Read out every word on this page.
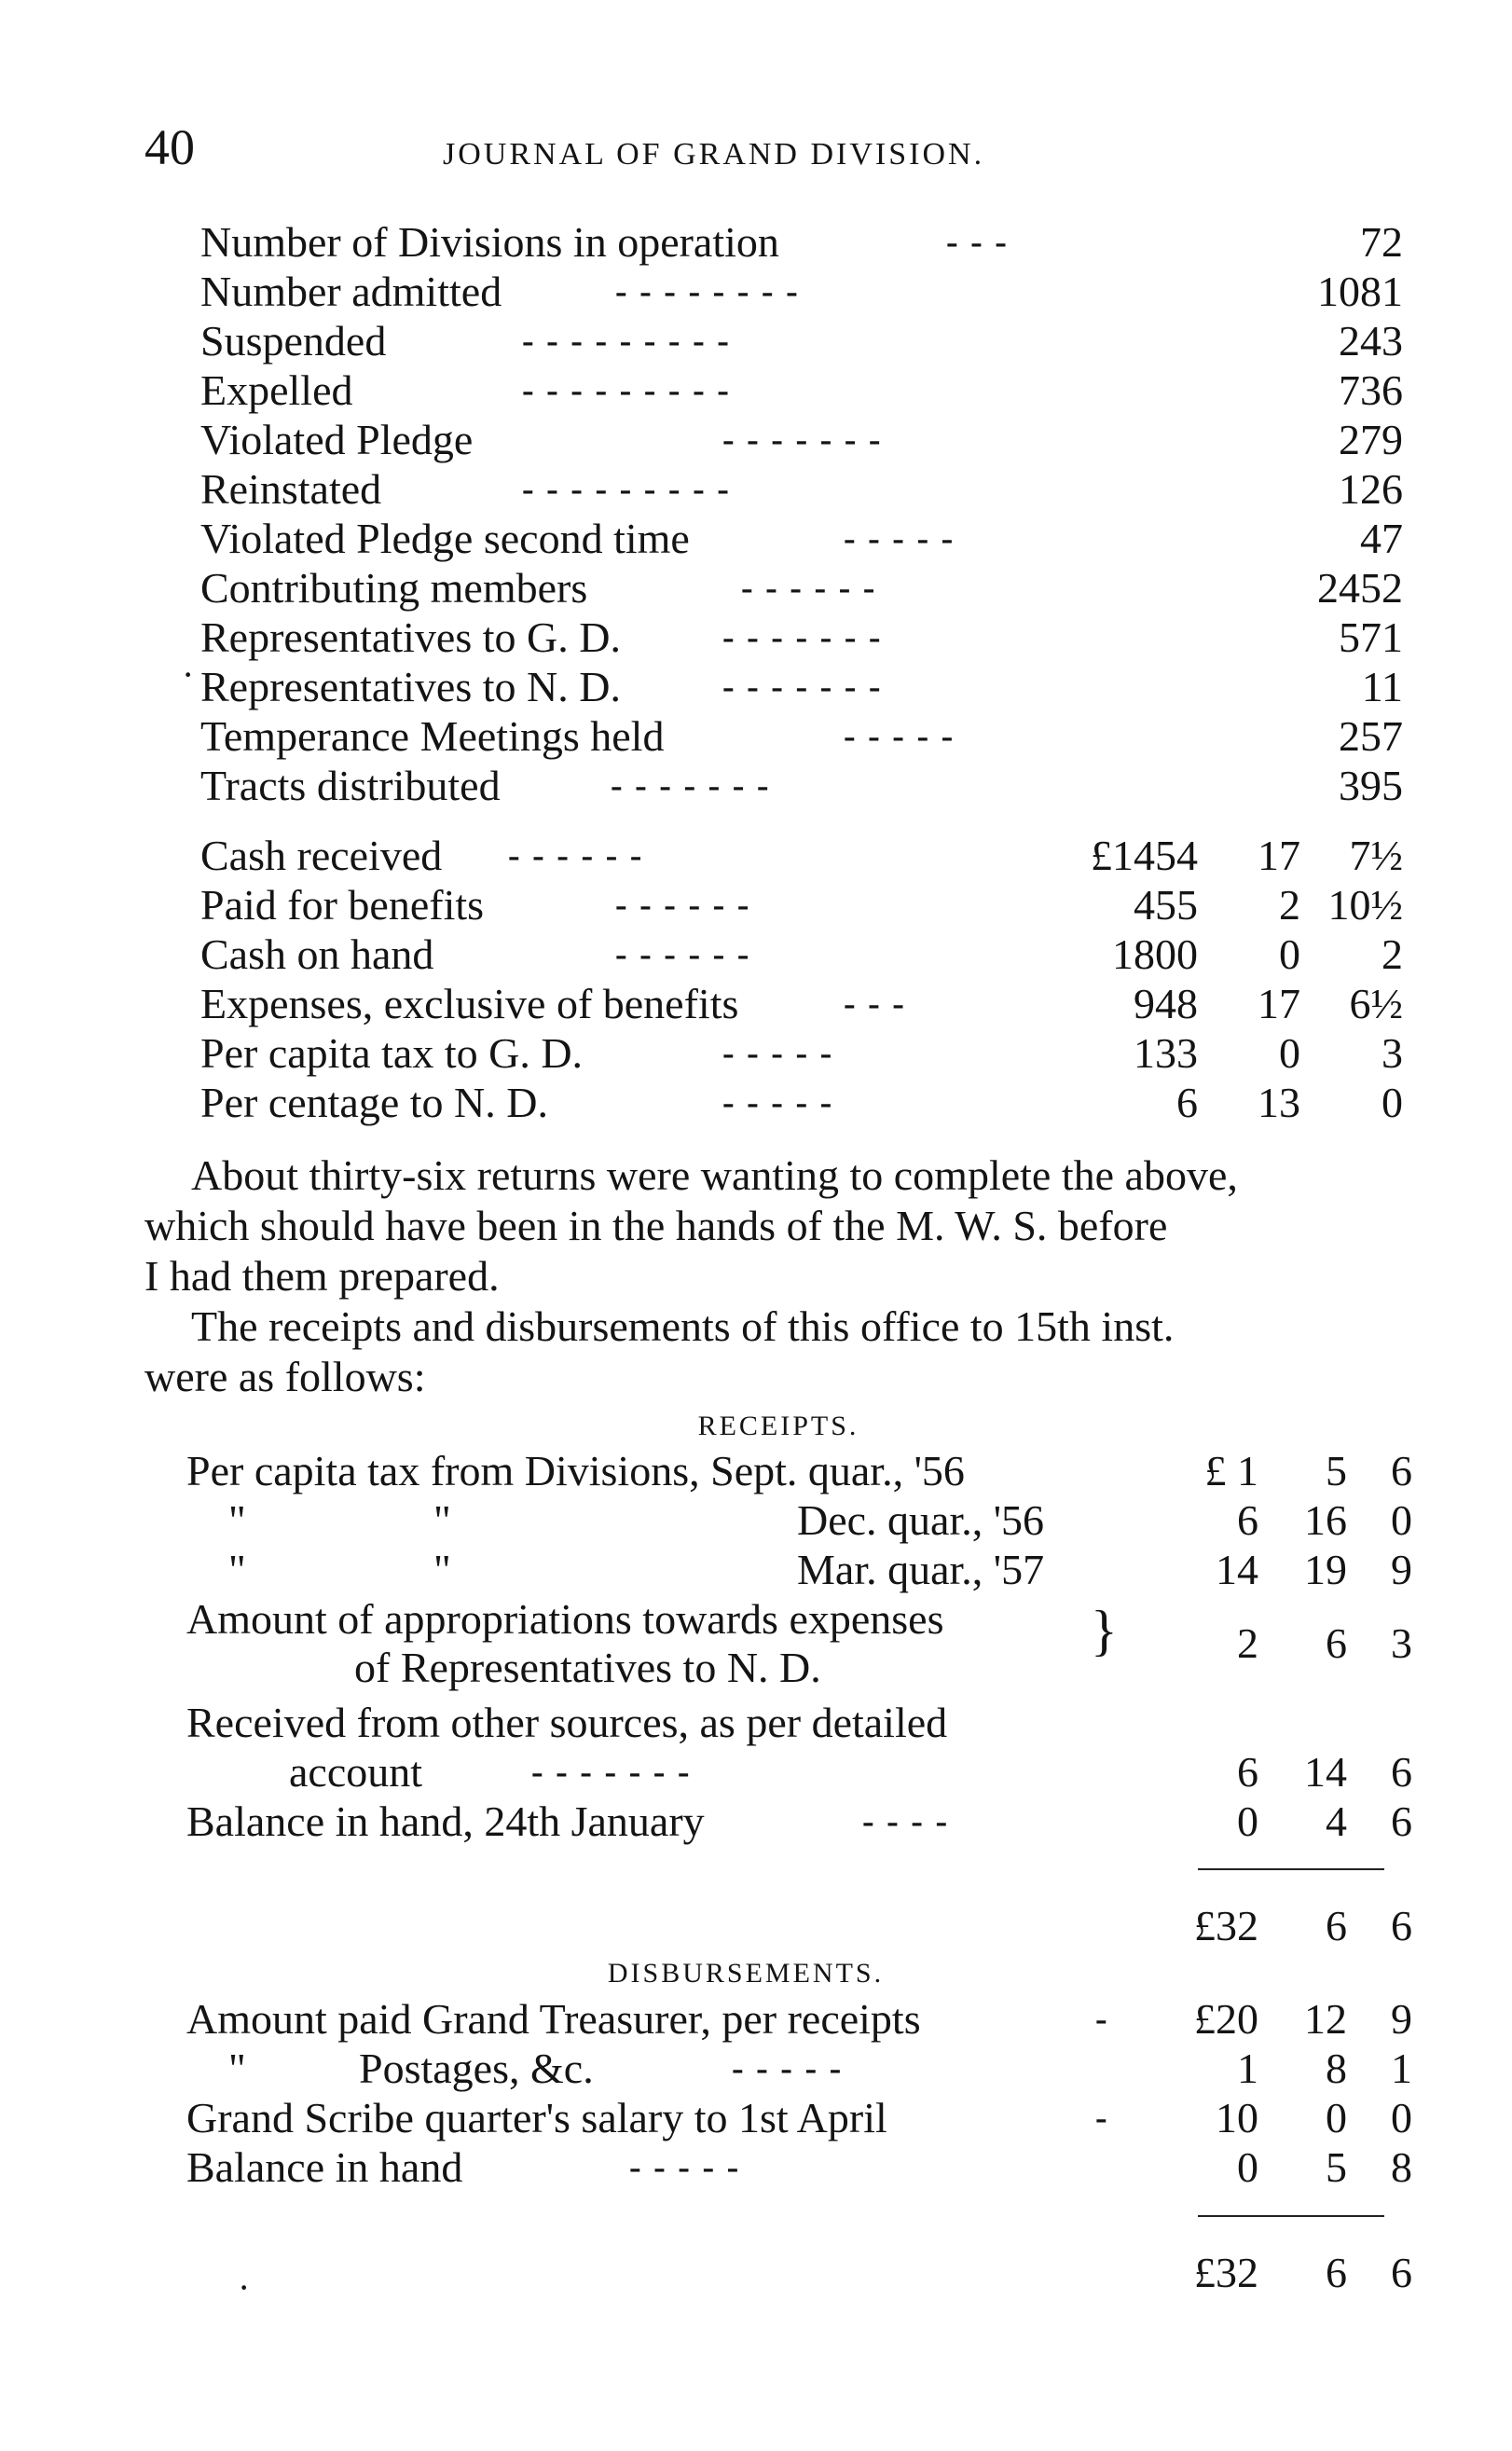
40	JOURNAL OF GRAND DIVISION.
Number of Divisions in operation	- - -	72
Number admitted	- - - - - - - -	1081
Suspended	- - - - - - - - -	243
Expelled	- - - - - - - - -	736
Violated Pledge	- - - - - - -	279
Reinstated	- - - - - - - - -	126
Violated Pledge second time	- - - - -	47
Contributing members	- - - - - -	2452
Representatives to G. D.	- - - - - - -	571
Representatives to N. D.	- - - - - - -	11
Temperance Meetings held	- - - - -	257
Tracts distributed	- - - - - - -	395
Cash received - - - - - -	£1454 17 7½
Paid for benefits	- - - - - -	455 2 10½
Cash on hand	- - - - - -	1800 0 2
Expenses, exclusive of benefits	- - -	948 17 6½
Per capita tax to G. D.	- - - - -	133 0 3
Per centage to N. D.	- - - - -	6 13 0
About thirty-six returns were wanting to complete the above,
which should have been in the hands of the M. W. S. before
I had them prepared.
The receipts and disbursements of this office to 15th inst.
were as follows:
RECEIPTS.
Per capita tax from Divisions, Sept. quar., '56	£ 1 5 6
"	"	Dec. quar., '56	6 16 0
"	"	Mar. quar., '57	14 19 9
Amount of appropriations towards expenses
of Representatives to N. D.
}	2 6 3
Received from other sources, as per detailed
account	- - - - - - -	6 14 6
Balance in hand, 24th January	- - - -	0 4 6
£32 6 6
DISBURSEMENTS.
Amount paid Grand Treasurer, per receipts	- £20 12 9
"	Postages, &c.	- - - - -	1 8 1
Grand Scribe quarter's salary to 1st April	- 10 0 0
Balance in hand	- - - - -	0 5 8
£32 6 6
·
·
